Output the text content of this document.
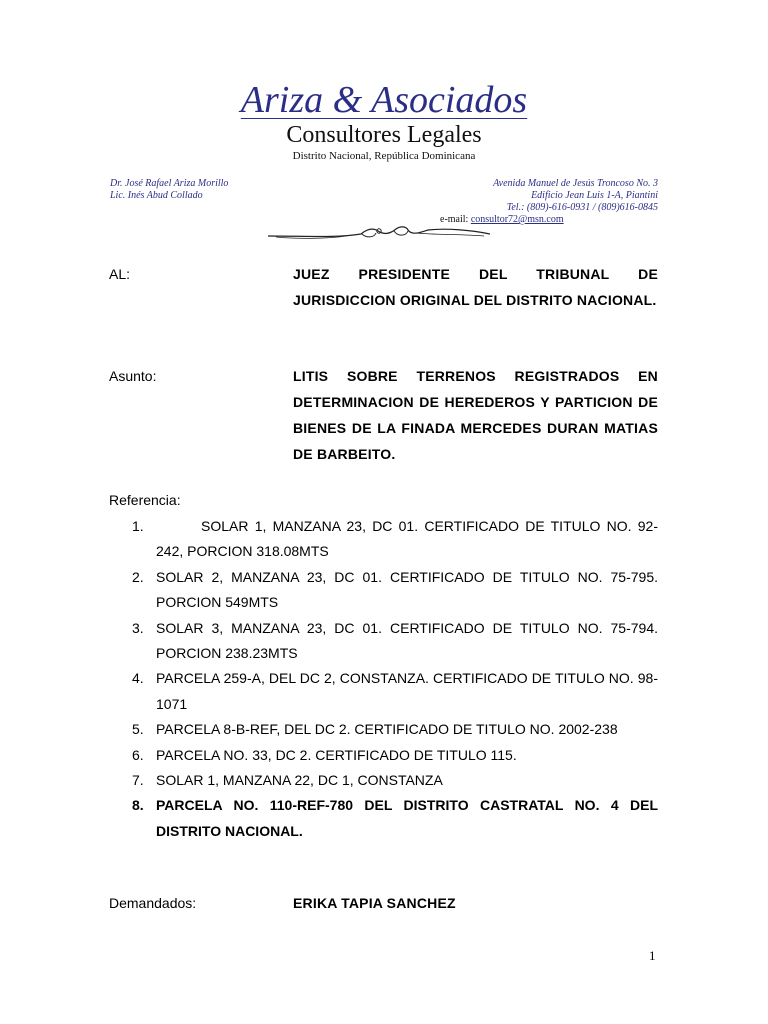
Ariza & Asociados
Consultores Legales
Distrito Nacional, República Dominicana
Dr. José Rafael Ariza Morillo
Lic. Inés Abud Collado
Avenida Manuel de Jesús Troncoso No. 3
Edificio Jean Luis 1-A, Piantini
Tel.: (809)-616-0931 / (809)616-0845
e-mail: consultor72@msn.com
AL:	JUEZ PRESIDENTE DEL TRIBUNAL DE JURISDICCION ORIGINAL DEL DISTRITO NACIONAL.
Asunto:	LITIS SOBRE TERRENOS REGISTRADOS EN DETERMINACION DE HEREDEROS Y PARTICION DE BIENES DE LA FINADA MERCEDES DURAN MATIAS DE BARBEITO.
Referencia:
1.	SOLAR 1, MANZANA 23, DC 01. CERTIFICADO DE TITULO NO. 92-242, PORCION 318.08MTS
2. SOLAR 2, MANZANA 23, DC 01. CERTIFICADO DE TITULO NO. 75-795. PORCION 549MTS
3. SOLAR 3, MANZANA 23, DC 01. CERTIFICADO DE TITULO NO. 75-794. PORCION 238.23MTS
4. PARCELA 259-A, DEL DC 2, CONSTANZA. CERTIFICADO DE TITULO NO. 98-1071
5. PARCELA 8-B-REF, DEL DC 2. CERTIFICADO DE TITULO NO. 2002-238
6. PARCELA NO. 33, DC 2. CERTIFICADO DE TITULO 115.
7. SOLAR 1, MANZANA 22, DC 1, CONSTANZA
8. PARCELA NO. 110-REF-780 DEL DISTRITO CASTRATAL NO. 4 DEL DISTRITO NACIONAL.
Demandados:	ERIKA TAPIA SANCHEZ
1
